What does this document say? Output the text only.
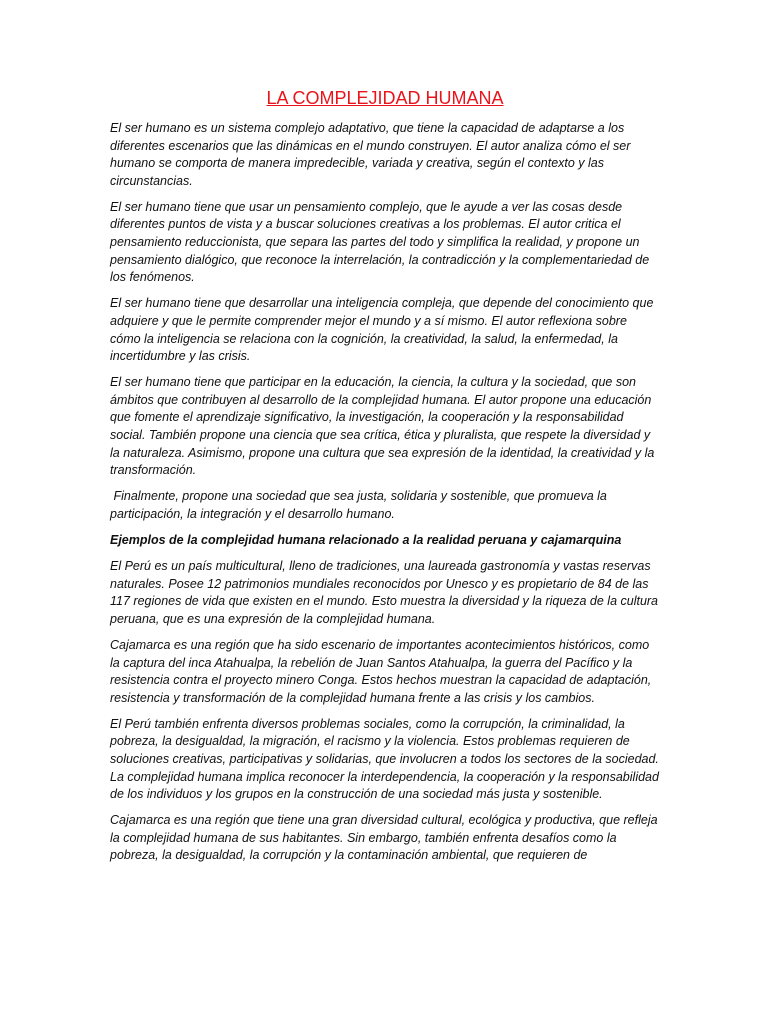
LA COMPLEJIDAD HUMANA

El ser humano es un sistema complejo adaptativo, que tiene la capacidad de adaptarse a los diferentes escenarios que las dinámicas en el mundo construyen. El autor analiza cómo el ser humano se comporta de manera impredecible, variada y creativa, según el contexto y las circunstancias.

El ser humano tiene que usar un pensamiento complejo, que le ayude a ver las cosas desde diferentes puntos de vista y a buscar soluciones creativas a los problemas. El autor critica el pensamiento reduccionista, que separa las partes del todo y simplifica la realidad, y propone un pensamiento dialógico, que reconoce la interrelación, la contradicción y la complementariedad de los fenómenos.

El ser humano tiene que desarrollar una inteligencia compleja, que depende del conocimiento que adquiere y que le permite comprender mejor el mundo y a sí mismo. El autor reflexiona sobre cómo la inteligencia se relaciona con la cognición, la creatividad, la salud, la enfermedad, la incertidumbre y las crisis.

El ser humano tiene que participar en la educación, la ciencia, la cultura y la sociedad, que son ámbitos que contribuyen al desarrollo de la complejidad humana. El autor propone una educación que fomente el aprendizaje significativo, la investigación, la cooperación y la responsabilidad social. También propone una ciencia que sea crítica, ética y pluralista, que respete la diversidad y la naturaleza. Asimismo, propone una cultura que sea expresión de la identidad, la creatividad y la transformación.

Finalmente, propone una sociedad que sea justa, solidaria y sostenible, que promueva la participación, la integración y el desarrollo humano.

Ejemplos de la complejidad humana relacionado a la realidad peruana y cajamarquina

El Perú es un país multicultural, lleno de tradiciones, una laureada gastronomía y vastas reservas naturales. Posee 12 patrimonios mundiales reconocidos por Unesco y es propietario de 84 de las 117 regiones de vida que existen en el mundo. Esto muestra la diversidad y la riqueza de la cultura peruana, que es una expresión de la complejidad humana.

Cajamarca es una región que ha sido escenario de importantes acontecimientos históricos, como la captura del inca Atahualpa, la rebelión de Juan Santos Atahualpa, la guerra del Pacífico y la resistencia contra el proyecto minero Conga. Estos hechos muestran la capacidad de adaptación, resistencia y transformación de la complejidad humana frente a las crisis y los cambios.

El Perú también enfrenta diversos problemas sociales, como la corrupción, la criminalidad, la pobreza, la desigualdad, la migración, el racismo y la violencia. Estos problemas requieren de soluciones creativas, participativas y solidarias, que involucren a todos los sectores de la sociedad. La complejidad humana implica reconocer la interdependencia, la cooperación y la responsabilidad de los individuos y los grupos en la construcción de una sociedad más justa y sostenible.

Cajamarca es una región que tiene una gran diversidad cultural, ecológica y productiva, que refleja la complejidad humana de sus habitantes. Sin embargo, también enfrenta desafíos como la pobreza, la desigualdad, la corrupción y la contaminación ambiental, que requieren de
